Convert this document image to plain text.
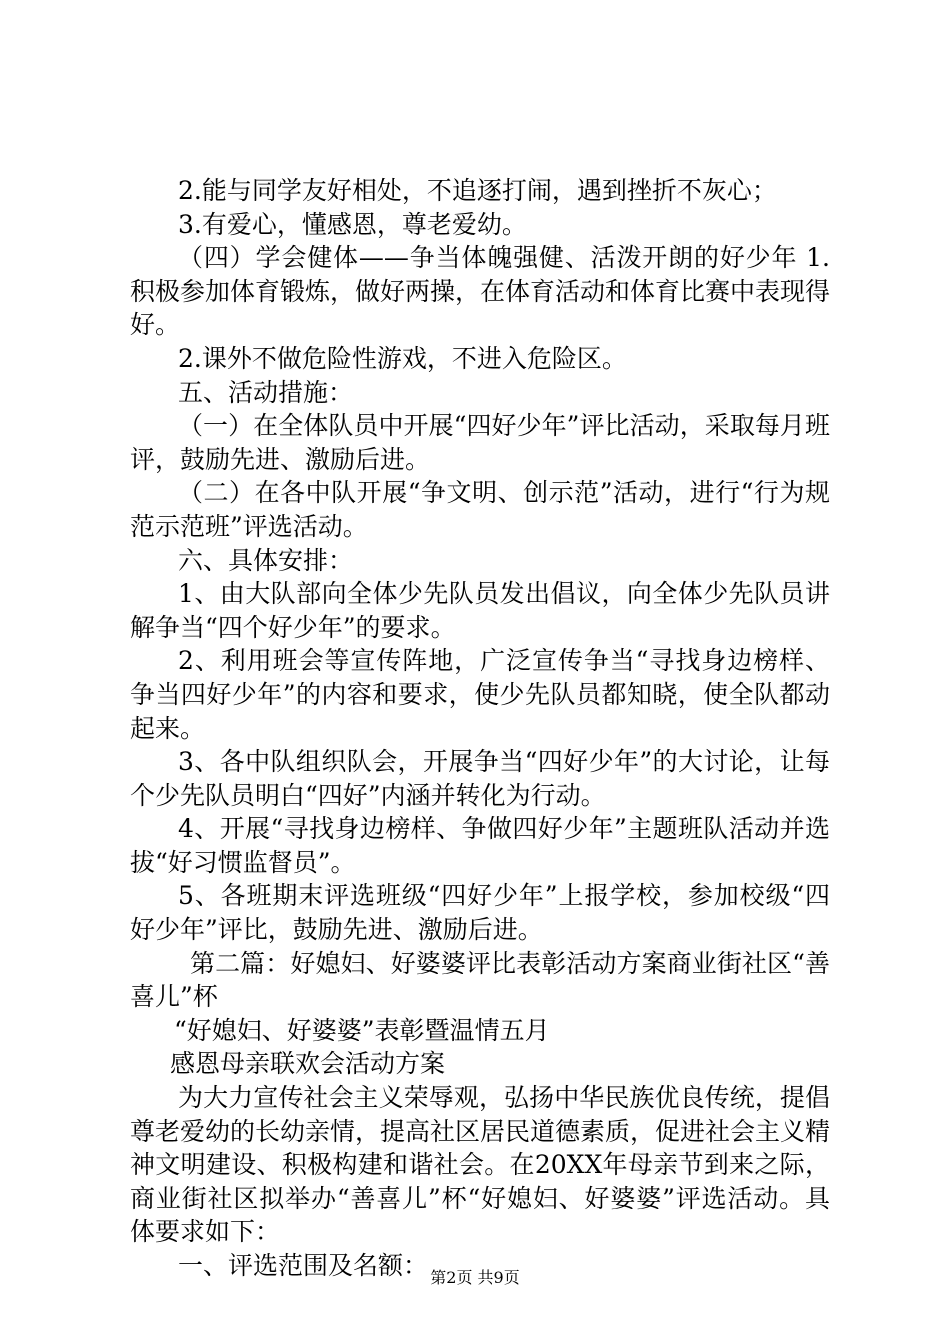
2.能与同学友好相处，不追逐打闹，遇到挫折不灰心；

3.有爱心，懂感恩，尊老爱幼。

（四）学会健体——争当体魄强健、活泼开朗的好少年 1.积极参加体育锻炼，做好两操，在体育活动和体育比赛中表现得好。

2.课外不做危险性游戏，不进入危险区。

五、活动措施：

（一）在全体队员中开展“四好少年”评比活动，采取每月班评，鼓励先进、激励后进。

（二）在各中队开展“争文明、创示范”活动，进行“行为规范示范班”评选活动。

六、具体安排：

1、由大队部向全体少先队员发出倡议，向全体少先队员讲解争当“四个好少年”的要求。

2、利用班会等宣传阵地，广泛宣传争当“寻找身边榜样、争当四好少年”的内容和要求，使少先队员都知晓，使全队都动起来。

3、各中队组织队会，开展争当“四好少年”的大讨论，让每个少先队员明白“四好”内涵并转化为行动。

4、开展“寻找身边榜样、争做四好少年”主题班队活动并选拔“好习惯监督员”。

5、各班期末评选班级“四好少年”上报学校，参加校级“四好少年”评比，鼓励先进、激励后进。

第二篇：好媳妇、好婆婆评比表彰活动方案商业街社区“善喜儿”杯

“好媳妇、好婆婆”表彰暨温情五月

感恩母亲联欢会活动方案

为大力宣传社会主义荣辱观，弘扬中华民族优良传统，提倡尊老爱幼的长幼亲情，提高社区居民道德素质，促进社会主义精神文明建设、积极构建和谐社会。在20XX年母亲节到来之际，商业街社区拟举办“善喜儿”杯“好媳妇、好婆婆”评选活动。具体要求如下：

一、评选范围及名额： 第2页 共9页
